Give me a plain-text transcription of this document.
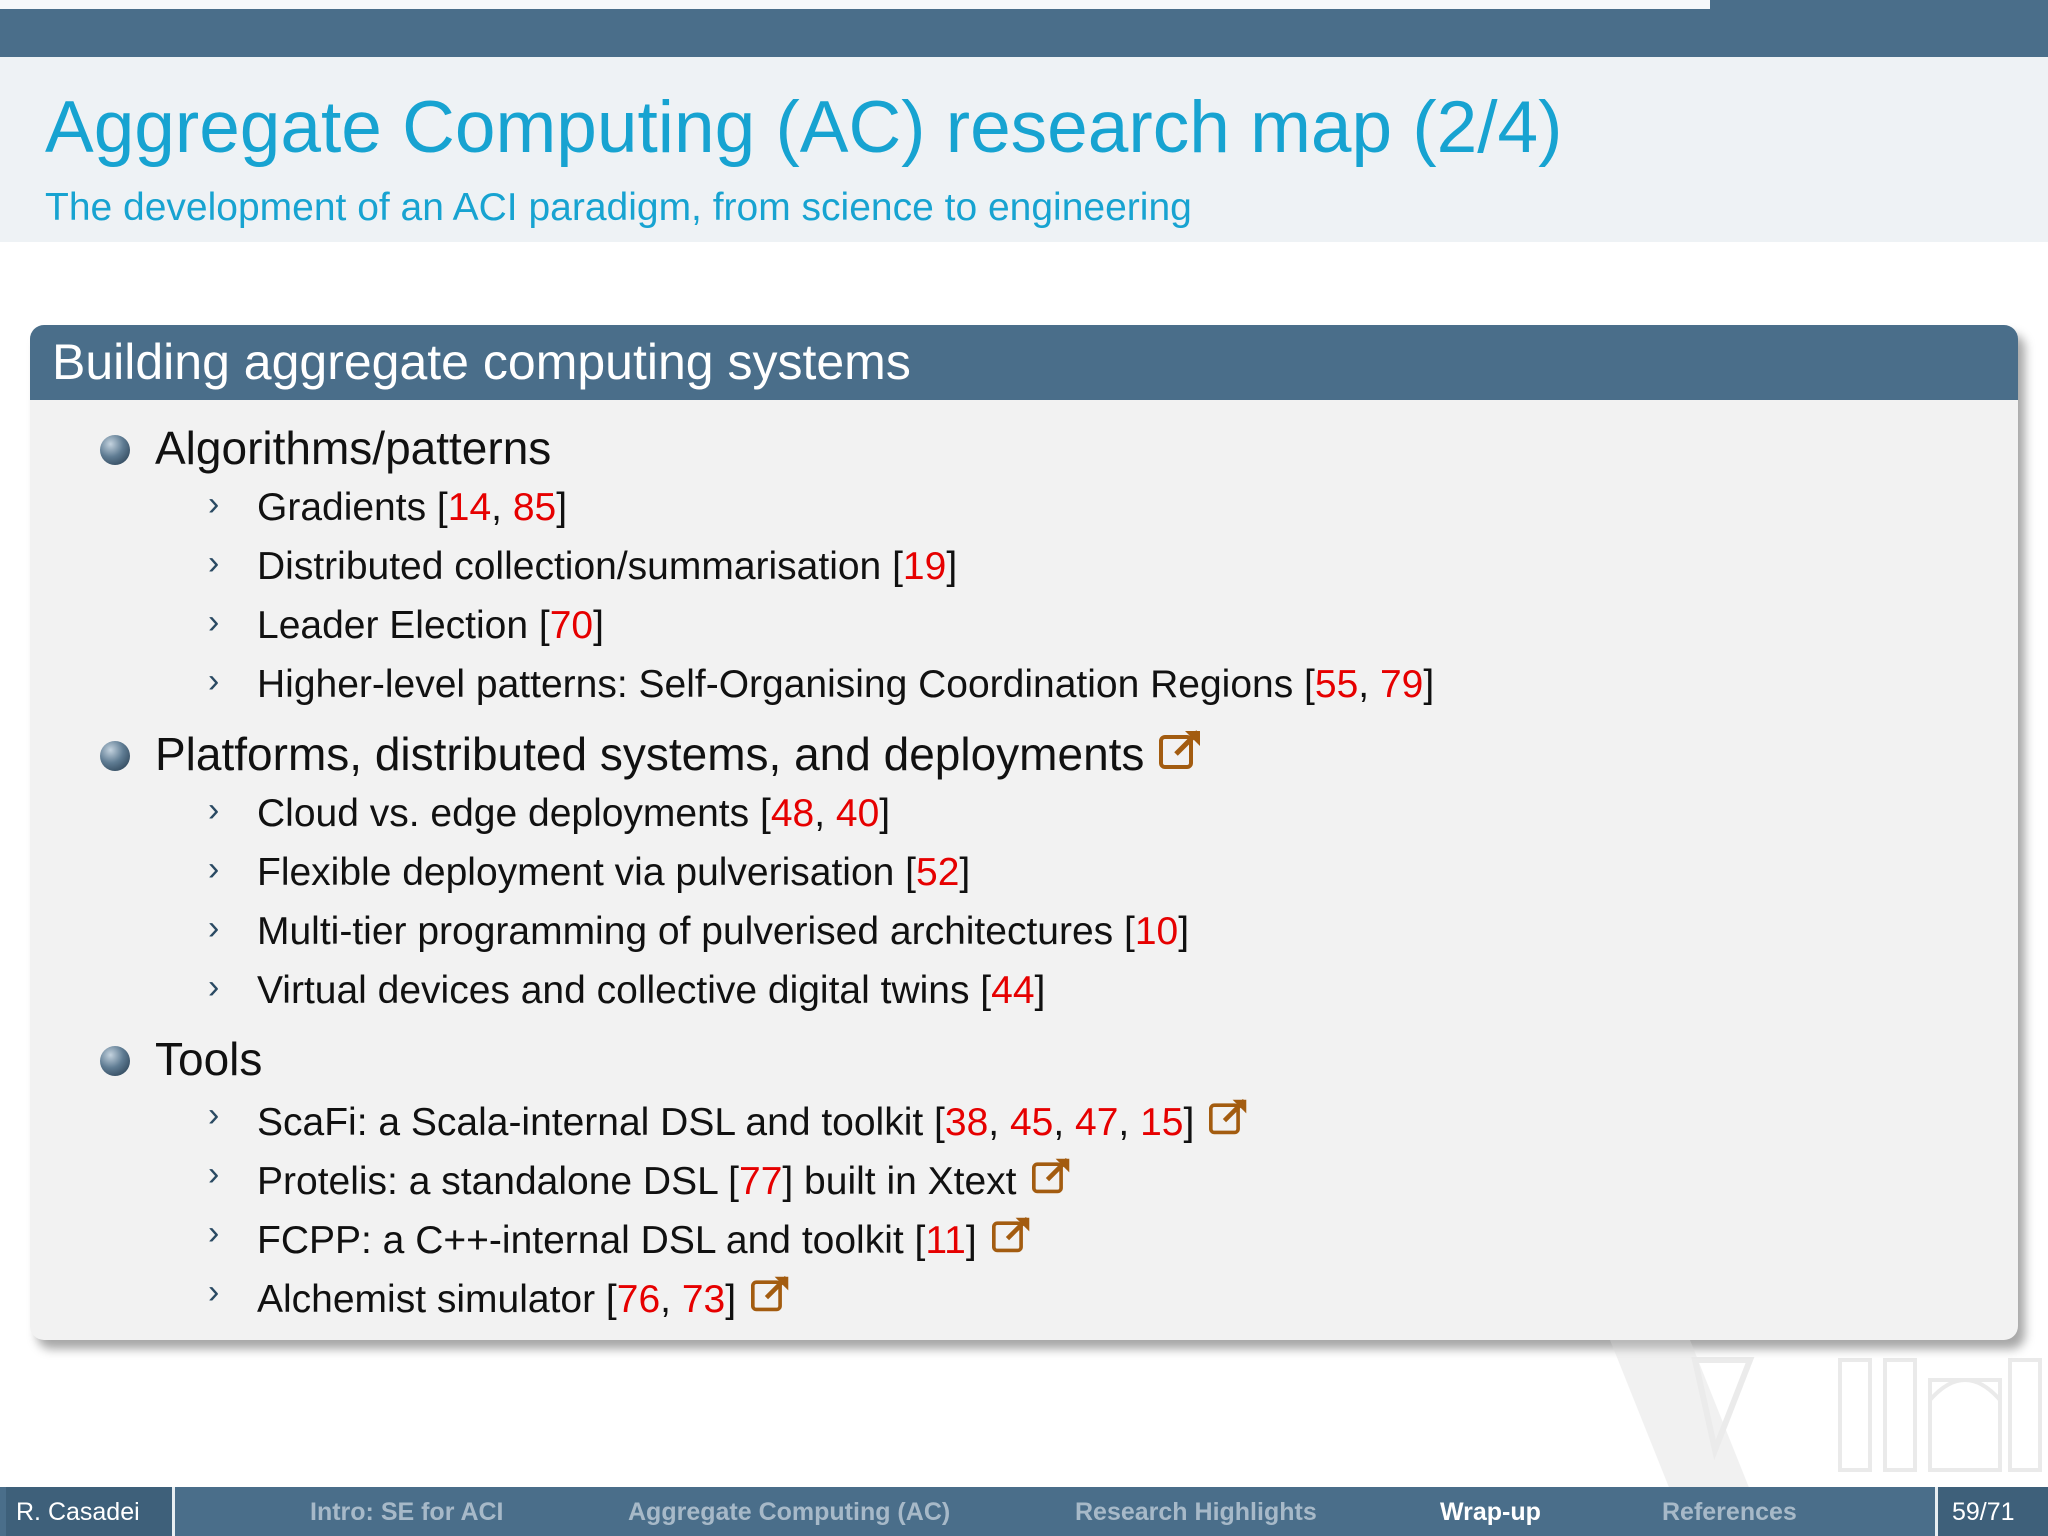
Aggregate Computing (AC) research map (2/4)
The development of an ACI paradigm, from science to engineering
Building aggregate computing systems
Algorithms/patterns
› Gradients [14, 85]
› Distributed collection/summarisation [19]
› Leader Election [70]
› Higher-level patterns: Self-Organising Coordination Regions [55, 79]
Platforms, distributed systems, and deployments
› Cloud vs. edge deployments [48, 40]
› Flexible deployment via pulverisation [52]
› Multi-tier programming of pulverised architectures [10]
› Virtual devices and collective digital twins [44]
Tools
› ScaFi: a Scala-internal DSL and toolkit [38, 45, 47, 15]
› Protelis: a standalone DSL [77] built in Xtext
› FCPP: a C++-internal DSL and toolkit [11]
› Alchemist simulator [76, 73]
R. Casadei	Intro: SE for ACI	Aggregate Computing (AC)	Research Highlights	Wrap-up	References	59/71
